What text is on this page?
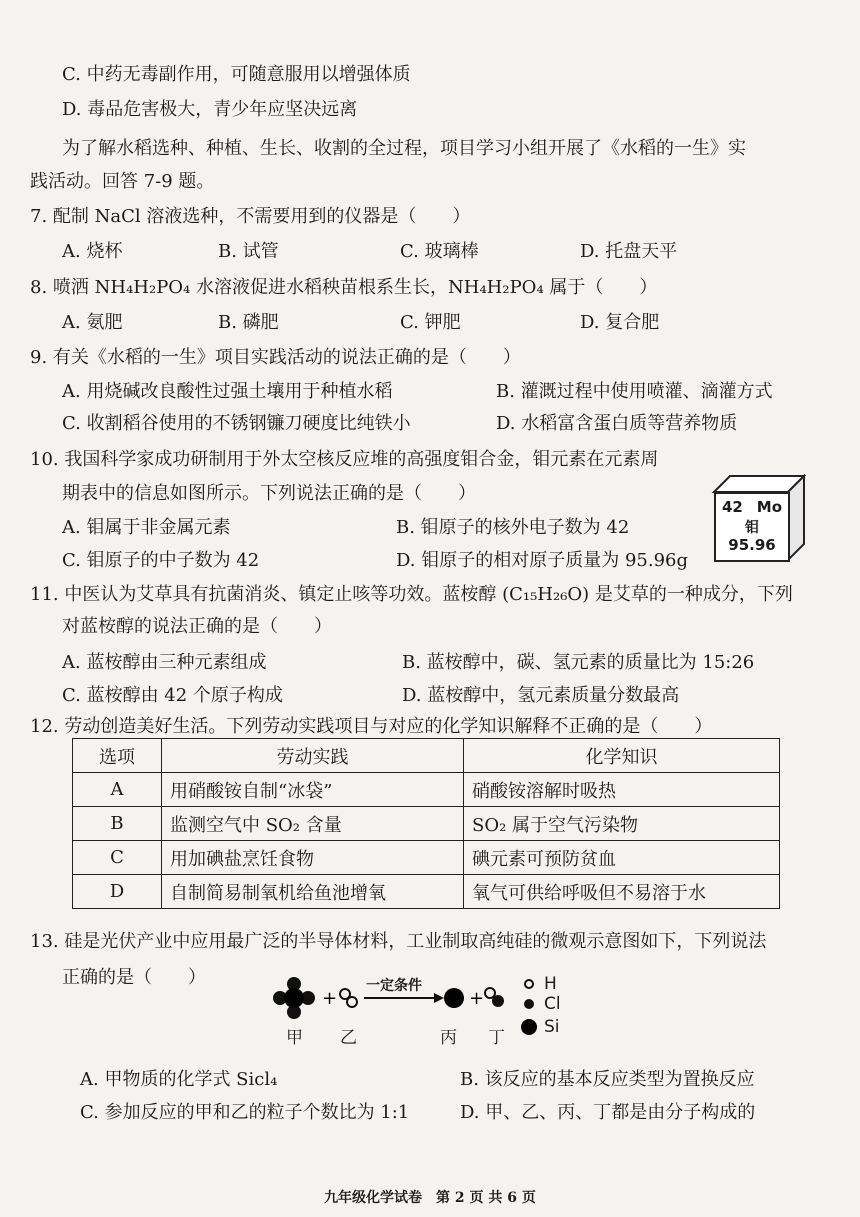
C. 中药无毒副作用，可随意服用以增强体质
D. 毒品危害极大，青少年应坚决远离
为了解水稻选种、种植、生长、收割的全过程，项目学习小组开展了《水稻的一生》实
践活动。回答 7-9 题。
7. 配制 NaCl 溶液选种，不需要用到的仪器是（　　）
A. 烧杯	B. 试管	C. 玻璃棒	D. 托盘天平
8. 喷洒 NH₄H₂PO₄ 水溶液促进水稻秧苗根系生长，NH₄H₂PO₄ 属于（　　）
A. 氨肥	B. 磷肥	C. 钾肥	D. 复合肥
9. 有关《水稻的一生》项目实践活动的说法正确的是（　　）
A. 用烧碱改良酸性过强土壤用于种植水稻	B. 灌溉过程中使用喷灌、滴灌方式
C. 收割稻谷使用的不锈钢镰刀硬度比纯铁小	D. 水稻富含蛋白质等营养物质
10. 我国科学家成功研制用于外太空核反应堆的高强度钼合金，钼元素在元素周
期表中的信息如图所示。下列说法正确的是（　　）
A. 钼属于非金属元素	B. 钼原子的核外电子数为 42
C. 钼原子的中子数为 42	D. 钼原子的相对原子质量为 95.96g
42 Mo
钼
95.96
11. 中医认为艾草具有抗菌消炎、镇定止咳等功效。蓝桉醇 (C₁₅H₂₆O) 是艾草的一种成分，下列
对蓝桉醇的说法正确的是（　　）
A. 蓝桉醇由三种元素组成	B. 蓝桉醇中，碳、氢元素的质量比为 15:26
C. 蓝桉醇由 42 个原子构成	D. 蓝桉醇中，氢元素质量分数最高
12. 劳动创造美好生活。下列劳动实践项目与对应的化学知识解释不正确的是（　　）
选项	劳动实践	化学知识
A	用硝酸铵自制“冰袋”	硝酸铵溶解时吸热
B	监测空气中 SO₂ 含量	SO₂ 属于空气污染物
C	用加碘盐烹饪食物	碘元素可预防贫血
D	自制简易制氧机给鱼池增氧	氧气可供给呼吸但不易溶于水
13. 硅是光伏产业中应用最广泛的半导体材料，工业制取高纯硅的微观示意图如下，下列说法
正确的是（　　）
+	+
一定条件
甲 乙	丙 丁
H
Cl
Si
A. 甲物质的化学式 Sicl₄	B. 该反应的基本反应类型为置换反应
C. 参加反应的甲和乙的粒子个数比为 1:1	D. 甲、乙、丙、丁都是由分子构成的
九年级化学试卷　第 2 页 共 6 页
